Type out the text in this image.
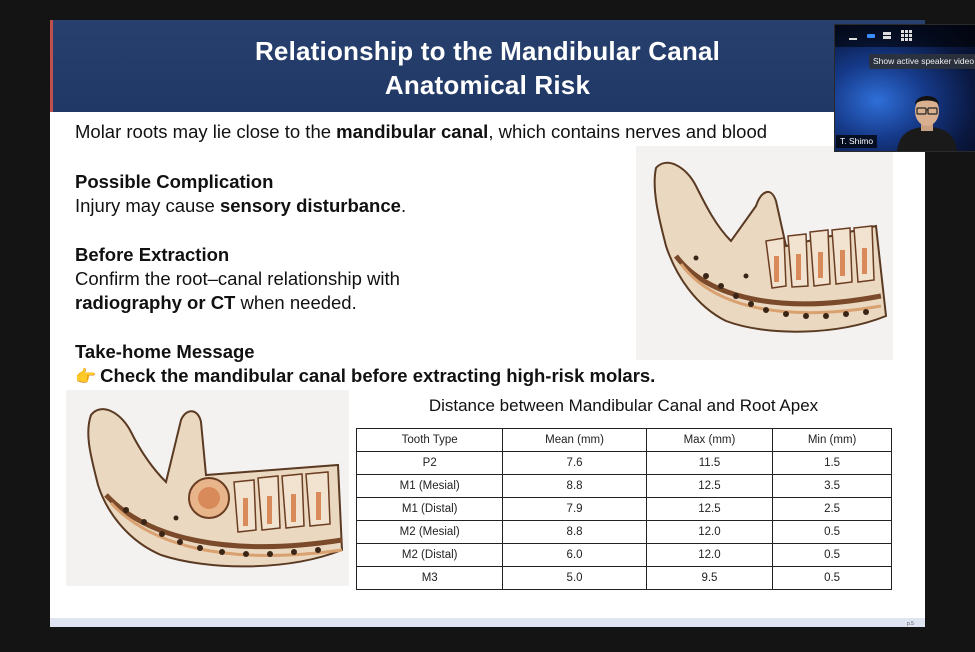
Relationship to the Mandibular Canal
Anatomical Risk
Molar roots may lie close to the mandibular canal, which contains nerves and blood
Possible Complication
Injury may cause sensory disturbance.
Before Extraction
Confirm the root–canal relationship with
radiography or CT when needed.
Take-home Message
👉 Check the mandibular canal before extracting high-risk molars.
Distance between Mandibular Canal and Root Apex
Tooth Type	Mean (mm)	Max (mm)	Min (mm)
P2	7.6	11.5	1.5
M1 (Mesial)	8.8	12.5	3.5
M1 (Distal)	7.9	12.5	2.5
M2 (Mesial)	8.8	12.0	0.5
M2 (Distal)	6.0	12.0	0.5
M3	5.0	9.5	0.5
p.5
Show active speaker video
T. Shimo
